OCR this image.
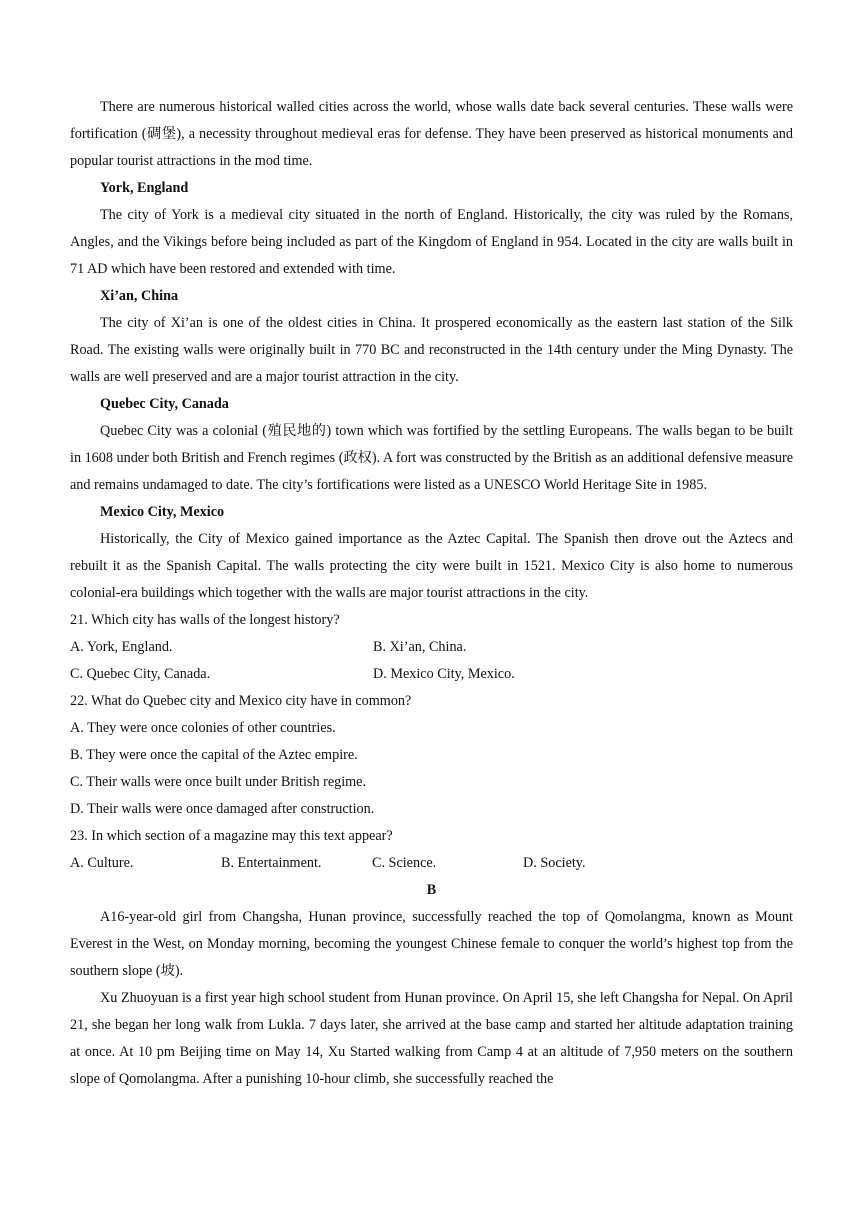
There are numerous historical walled cities across the world, whose walls date back several centuries. These walls were fortification (碉堡), a necessity throughout medieval eras for defense. They have been preserved as historical monuments and popular tourist attractions in the mod time.

York, England

The city of York is a medieval city situated in the north of England. Historically, the city was ruled by the Romans, Angles, and the Vikings before being included as part of the Kingdom of England in 954. Located in the city are walls built in 71 AD which have been restored and extended with time.

Xi’an, China

The city of Xi’an is one of the oldest cities in China. It prospered economically as the eastern last station of the Silk Road. The existing walls were originally built in 770 BC and reconstructed in the 14th century under the Ming Dynasty. The walls are well preserved and are a major tourist attraction in the city.

Quebec City, Canada

Quebec City was a colonial (殖民地的) town which was fortified by the settling Europeans. The walls began to be built in 1608 under both British and French regimes (政权). A fort was constructed by the British as an additional defensive measure and remains undamaged to date. The city’s fortifications were listed as a UNESCO World Heritage Site in 1985.

Mexico City, Mexico

Historically, the City of Mexico gained importance as the Aztec Capital. The Spanish then drove out the Aztecs and rebuilt it as the Spanish Capital. The walls protecting the city were built in 1521. Mexico City is also home to numerous colonial-era buildings which together with the walls are major tourist attractions in the city.

21. Which city has walls of the longest history?

A. York, England.	B. Xi’an, China.
C. Quebec City, Canada.	D. Mexico City, Mexico.

22. What do Quebec city and Mexico city have in common?

A. They were once colonies of other countries.

B. They were once the capital of the Aztec empire.

C. Their walls were once built under British regime.

D. Their walls were once damaged after construction.

23. In which section of a magazine may this text appear?

A. Culture.	B. Entertainment.	C. Science.	D. Society.

B

A16-year-old girl from Changsha, Hunan province, successfully reached the top of Qomolangma, known as Mount Everest in the West, on Monday morning, becoming the youngest Chinese female to conquer the world’s highest top from the southern slope (坡).

Xu Zhuoyuan is a first year high school student from Hunan province. On April 15, she left Changsha for Nepal. On April 21, she began her long walk from Lukla. 7 days later, she arrived at the base camp and started her altitude adaptation training at once. At 10 pm Beijing time on May 14, Xu Started walking from Camp 4 at an altitude of 7,950 meters on the southern slope of Qomolangma. After a punishing 10-hour climb, she successfully reached the
